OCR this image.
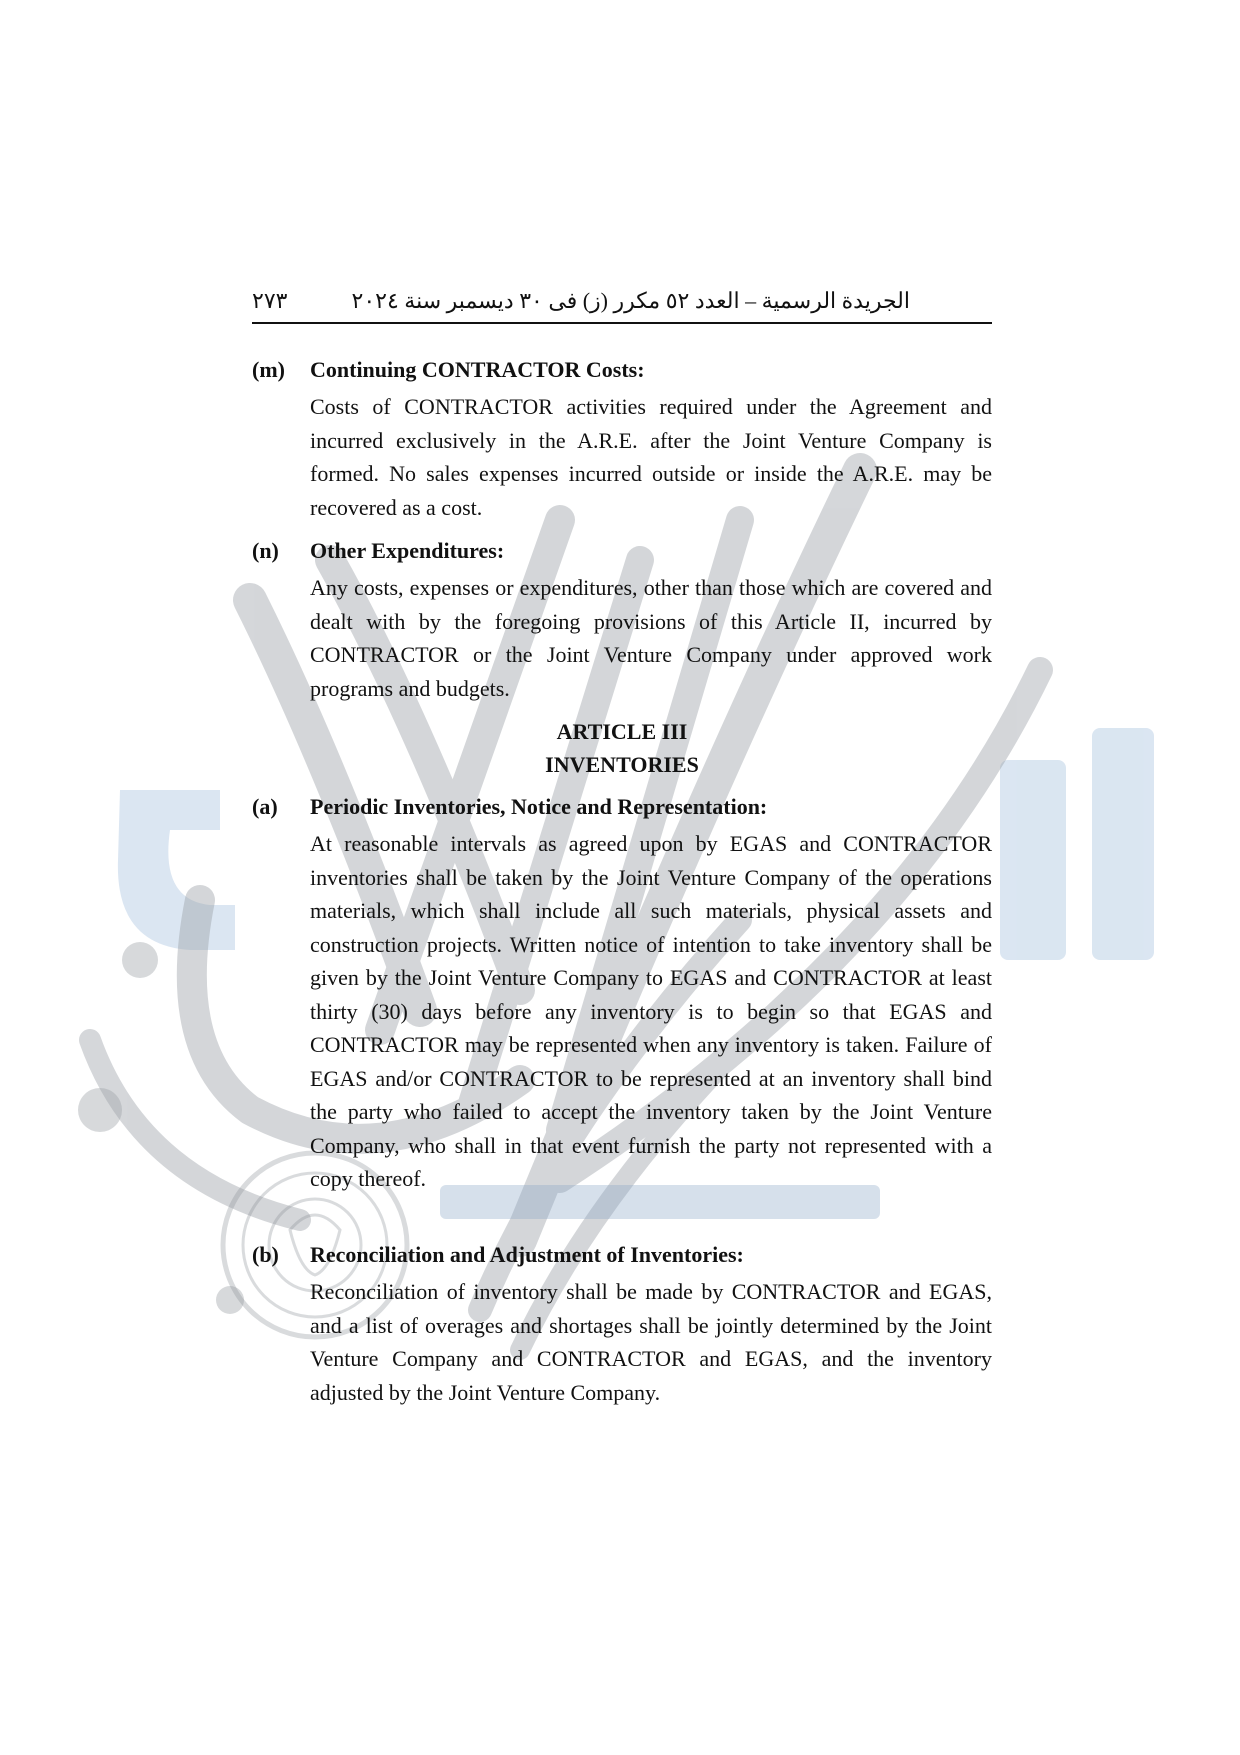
الجريدة الرسمية – العدد ٥٢ مكرر (ز) فى ٣٠ ديسمبر سنة ٢٠٢٤
٢٧٣
(m) Continuing CONTRACTOR Costs:
Costs of CONTRACTOR activities required under the Agreement and incurred exclusively in the A.R.E. after the Joint Venture Company is formed. No sales expenses incurred outside or inside the A.R.E. may be recovered as a cost.
(n) Other Expenditures:
Any costs, expenses or expenditures, other than those which are covered and dealt with by the foregoing provisions of this Article II, incurred by CONTRACTOR or the Joint Venture Company under approved work programs and budgets.
ARTICLE III
INVENTORIES
(a) Periodic Inventories, Notice and Representation:
At reasonable intervals as agreed upon by EGAS and CONTRACTOR inventories shall be taken by the Joint Venture Company of the operations materials, which shall include all such materials, physical assets and construction projects. Written notice of intention to take inventory shall be given by the Joint Venture Company to EGAS and CONTRACTOR at least thirty (30) days before any inventory is to begin so that EGAS and CONTRACTOR may be represented when any inventory is taken. Failure of EGAS and/or CONTRACTOR to be represented at an inventory shall bind the party who failed to accept the inventory taken by the Joint Venture Company, who shall in that event furnish the party not represented with a copy thereof.
(b) Reconciliation and Adjustment of Inventories:
Reconciliation of inventory shall be made by CONTRACTOR and EGAS, and a list of overages and shortages shall be jointly determined by the Joint Venture Company and CONTRACTOR and EGAS, and the inventory adjusted by the Joint Venture Company.
